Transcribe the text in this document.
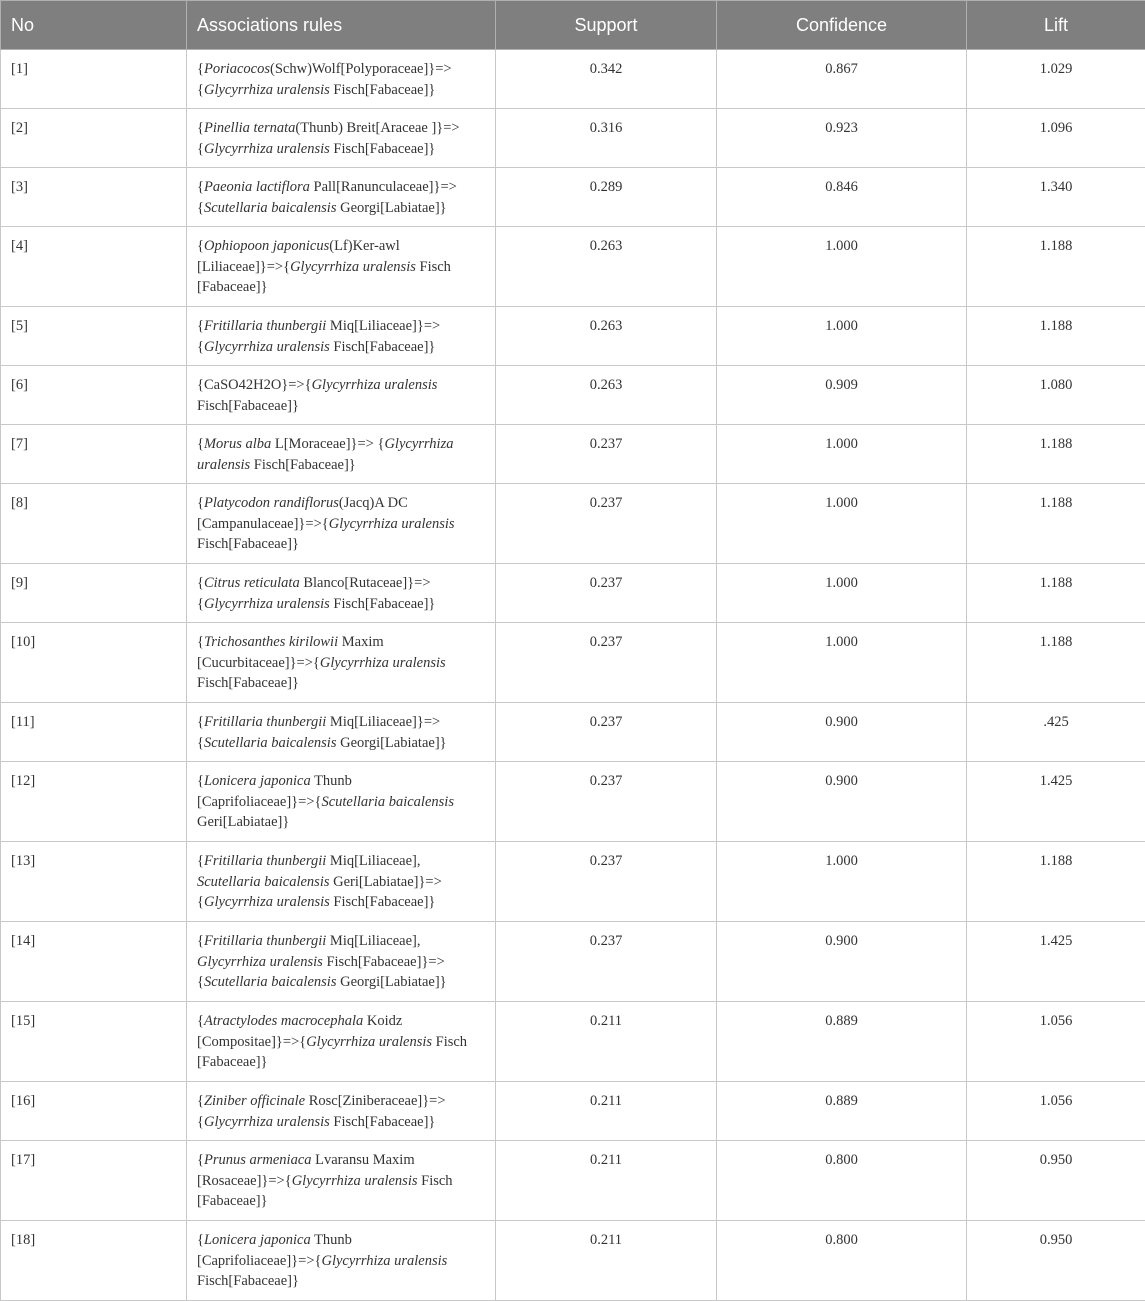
No	Associations rules	Support	Confidence	Lift
[1]	{Poriacocos(Schw)Wolf[Polyporaceae]}=>
{Glycyrrhiza uralensis Fisch[Fabaceae]}	0.342	0.867	1.029
[2]	{Pinellia ternata(Thunb) Breit[Araceae ]}=>
{Glycyrrhiza uralensis Fisch[Fabaceae]}	0.316	0.923	1.096
[3]	{Paeonia lactiflora Pall[Ranunculaceae]}=>
{Scutellaria baicalensis Georgi[Labiatae]}	0.289	0.846	1.340
[4]	{Ophiopoon japonicus(Lf)Ker-awl
[Liliaceae]}=>{Glycyrrhiza uralensis Fisch
[Fabaceae]}	0.263	1.000	1.188
[5]	{Fritillaria thunbergii Miq[Liliaceae]}=>
{Glycyrrhiza uralensis Fisch[Fabaceae]}	0.263	1.000	1.188
[6]	{CaSO42H2O}=>{Glycyrrhiza uralensis
Fisch[Fabaceae]}	0.263	0.909	1.080
[7]	{Morus alba L[Moraceae]}=> {Glycyrrhiza
uralensis Fisch[Fabaceae]}	0.237	1.000	1.188
[8]	{Platycodon randiflorus(Jacq)A DC
[Campanulaceae]}=>{Glycyrrhiza uralensis
Fisch[Fabaceae]}	0.237	1.000	1.188
[9]	{Citrus reticulata Blanco[Rutaceae]}=>
{Glycyrrhiza uralensis Fisch[Fabaceae]}	0.237	1.000	1.188
[10]	{Trichosanthes kirilowii Maxim
[Cucurbitaceae]}=>{Glycyrrhiza uralensis
Fisch[Fabaceae]}	0.237	1.000	1.188
[11]	{Fritillaria thunbergii Miq[Liliaceae]}=>
{Scutellaria baicalensis Georgi[Labiatae]}	0.237	0.900	.425
[12]	{Lonicera japonica Thunb
[Caprifoliaceae]}=>{Scutellaria baicalensis
Geri[Labiatae]}	0.237	0.900	1.425
[13]	{Fritillaria thunbergii Miq[Liliaceae],
Scutellaria baicalensis Geri[Labiatae]}=>
{Glycyrrhiza uralensis Fisch[Fabaceae]}	0.237	1.000	1.188
[14]	{Fritillaria thunbergii Miq[Liliaceae],
Glycyrrhiza uralensis Fisch[Fabaceae]}=>
{Scutellaria baicalensis Georgi[Labiatae]}	0.237	0.900	1.425
[15]	{Atractylodes macrocephala Koidz
[Compositae]}=>{Glycyrrhiza uralensis Fisch
[Fabaceae]}	0.211	0.889	1.056
[16]	{Ziniber officinale Rosc[Ziniberaceae]}=>
{Glycyrrhiza uralensis Fisch[Fabaceae]}	0.211	0.889	1.056
[17]	{Prunus armeniaca Lvaransu Maxim
[Rosaceae]}=>{Glycyrrhiza uralensis Fisch
[Fabaceae]}	0.211	0.800	0.950
[18]	{Lonicera japonica Thunb
[Caprifoliaceae]}=>{Glycyrrhiza uralensis
Fisch[Fabaceae]}	0.211	0.800	0.950
